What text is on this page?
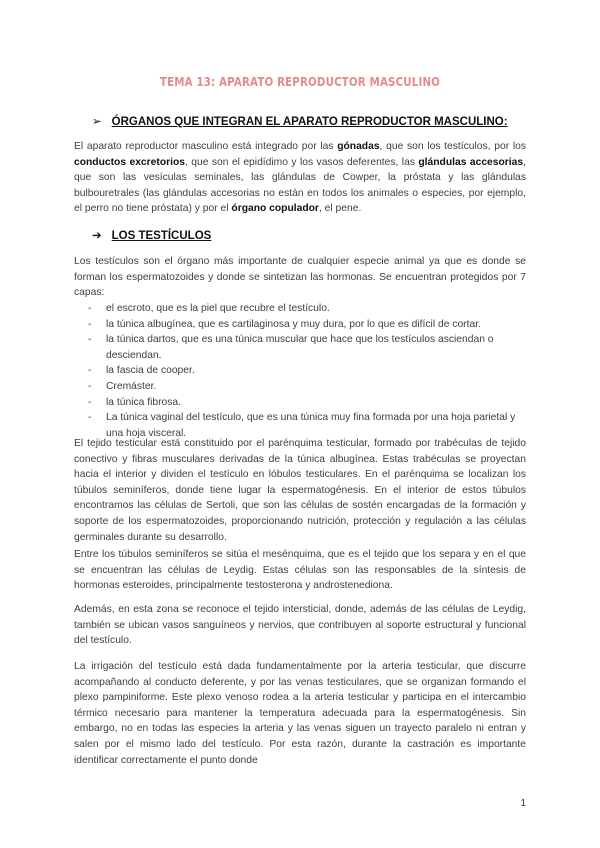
TEMA 13: APARATO REPRODUCTOR MASCULINO
➢ ÓRGANOS QUE INTEGRAN EL APARATO REPRODUCTOR MASCULINO:

El aparato reproductor masculino está integrado por las gónadas, que son los testículos, por los conductos excretorios, que son el epidídimo y los vasos deferentes, las glándulas accesorias, que son las vesículas seminales, las glándulas de Cowper, la próstata y las glándulas bulbouretrales (las glándulas accesorias no están en todos los animales o especies, por ejemplo, el perro no tiene próstata) y por el órgano copulador, el pene.

➔ LOS TESTÍCULOS

Los testículos son el órgano más importante de cualquier especie animal ya que es donde se forman los espermatozoides y donde se sintetizan las hormonas. Se encuentran protegidos por 7 capas:

- el escroto, que es la piel que recubre el testículo.
- la túnica albugínea, que es cartilaginosa y muy dura, por lo que es difícil de cortar.
- la túnica dartos, que es una túnica muscular que hace que los testículos asciendan o desciendan.
- la fascia de cooper.
- Cremáster.
- la túnica fibrosa.
- La túnica vaginal del testículo, que es una túnica muy fina formada por una hoja parietal y una hoja visceral.

El tejido testicular está constituido por el parénquima testicular, formado por trabéculas de tejido conectivo y fibras musculares derivadas de la túnica albugínea. Estas trabéculas se proyectan hacia el interior y dividen el testículo en lóbulos testiculares. En el parénquima se localizan los túbulos seminíferos, donde tiene lugar la espermatogénesis. En el interior de estos túbulos encontramos las células de Sertoli, que son las células de sostén encargadas de la formación y soporte de los espermatozoides, proporcionando nutrición, protección y regulación a las células germinales durante su desarrollo.

Entre los túbulos seminíferos se sitúa el mesénquima, que es el tejido que los separa y en el que se encuentran las células de Leydig. Estas células son las responsables de la síntesis de hormonas esteroides, principalmente testosterona y androstenediona.

Además, en esta zona se reconoce el tejido intersticial, donde, además de las células de Leydig, también se ubican vasos sanguíneos y nervios, que contribuyen al soporte estructural y funcional del testículo.

La irrigación del testículo está dada fundamentalmente por la arteria testicular, que discurre acompañando al conducto deferente, y por las venas testiculares, que se organizan formando el plexo pampiniforme. Este plexo venoso rodea a la arteria testicular y participa en el intercambio térmico necesario para mantener la temperatura adecuada para la espermatogénesis. Sin embargo, no en todas las especies la arteria y las venas siguen un trayecto paralelo ni entran y salen por el mismo lado del testículo. Por esta razón, durante la castración es importante identificar correctamente el punto donde

1
